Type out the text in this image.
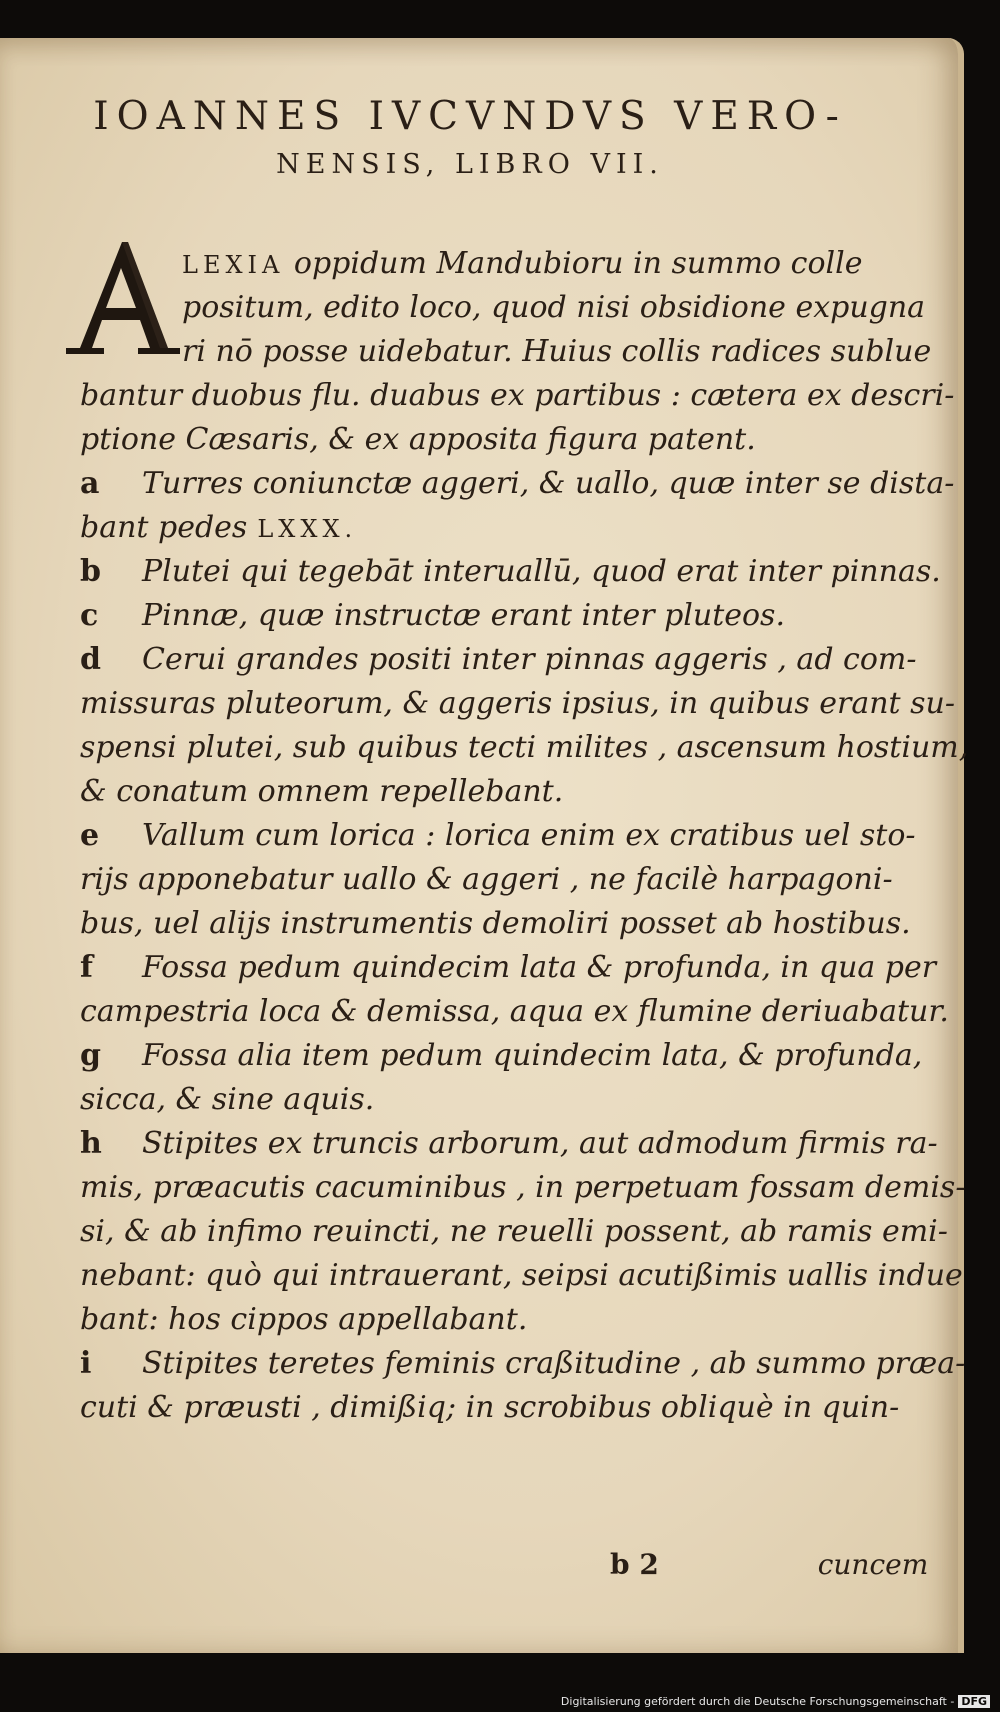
IOANNES IVCVNDVS VERO-
NENSIS, LIBRO VII.
LEXIA oppidum Mandubioru in summo colle
positum, edito loco, quod nisi obsidione expugna
ri nō posse uidebatur. Huius collis radices sublue
bantur duobus flu. duabus ex partibus : cætera ex descri-
ptione Cæsaris, & ex apposita figura patent.
a Turres coniunctæ aggeri, & uallo, quæ inter se dista-
bant pedes LXXX.
b Plutei qui tegebāt interuallū, quod erat inter pinnas.
c Pinnæ, quæ instructæ erant inter pluteos.
d Cerui grandes positi inter pinnas aggeris , ad com-
missuras pluteorum, & aggeris ipsius, in quibus erant su-
spensi plutei, sub quibus tecti milites , ascensum hostium,
& conatum omnem repellebant.
e Vallum cum lorica : lorica enim ex cratibus uel sto-
rijs apponebatur uallo & aggeri , ne facilè harpagoni-
bus, uel alijs instrumentis demoliri posset ab hostibus.
f Fossa pedum quindecim lata & profunda, in qua per
campestria loca & demissa, aqua ex flumine deriuabatur.
g Fossa alia item pedum quindecim lata, & profunda,
sicca, & sine aquis.
h Stipites ex truncis arborum, aut admodum firmis ra-
mis, præacutis cacuminibus , in perpetuam fossam demis-
si, & ab infimo reuincti, ne reuelli possent, ab ramis emi-
nebant: quò qui intrauerant, seipsi acutißimis uallis indue
bant: hos cippos appellabant.
i Stipites teretes feminis craßitudine , ab summo præa-
cuti & præusti , dimißiq; in scrobibus obliquè in quin-
b 2	cuncem
Digitalisierung gefördert durch die Deutsche Forschungsgemeinschaft - DFG
